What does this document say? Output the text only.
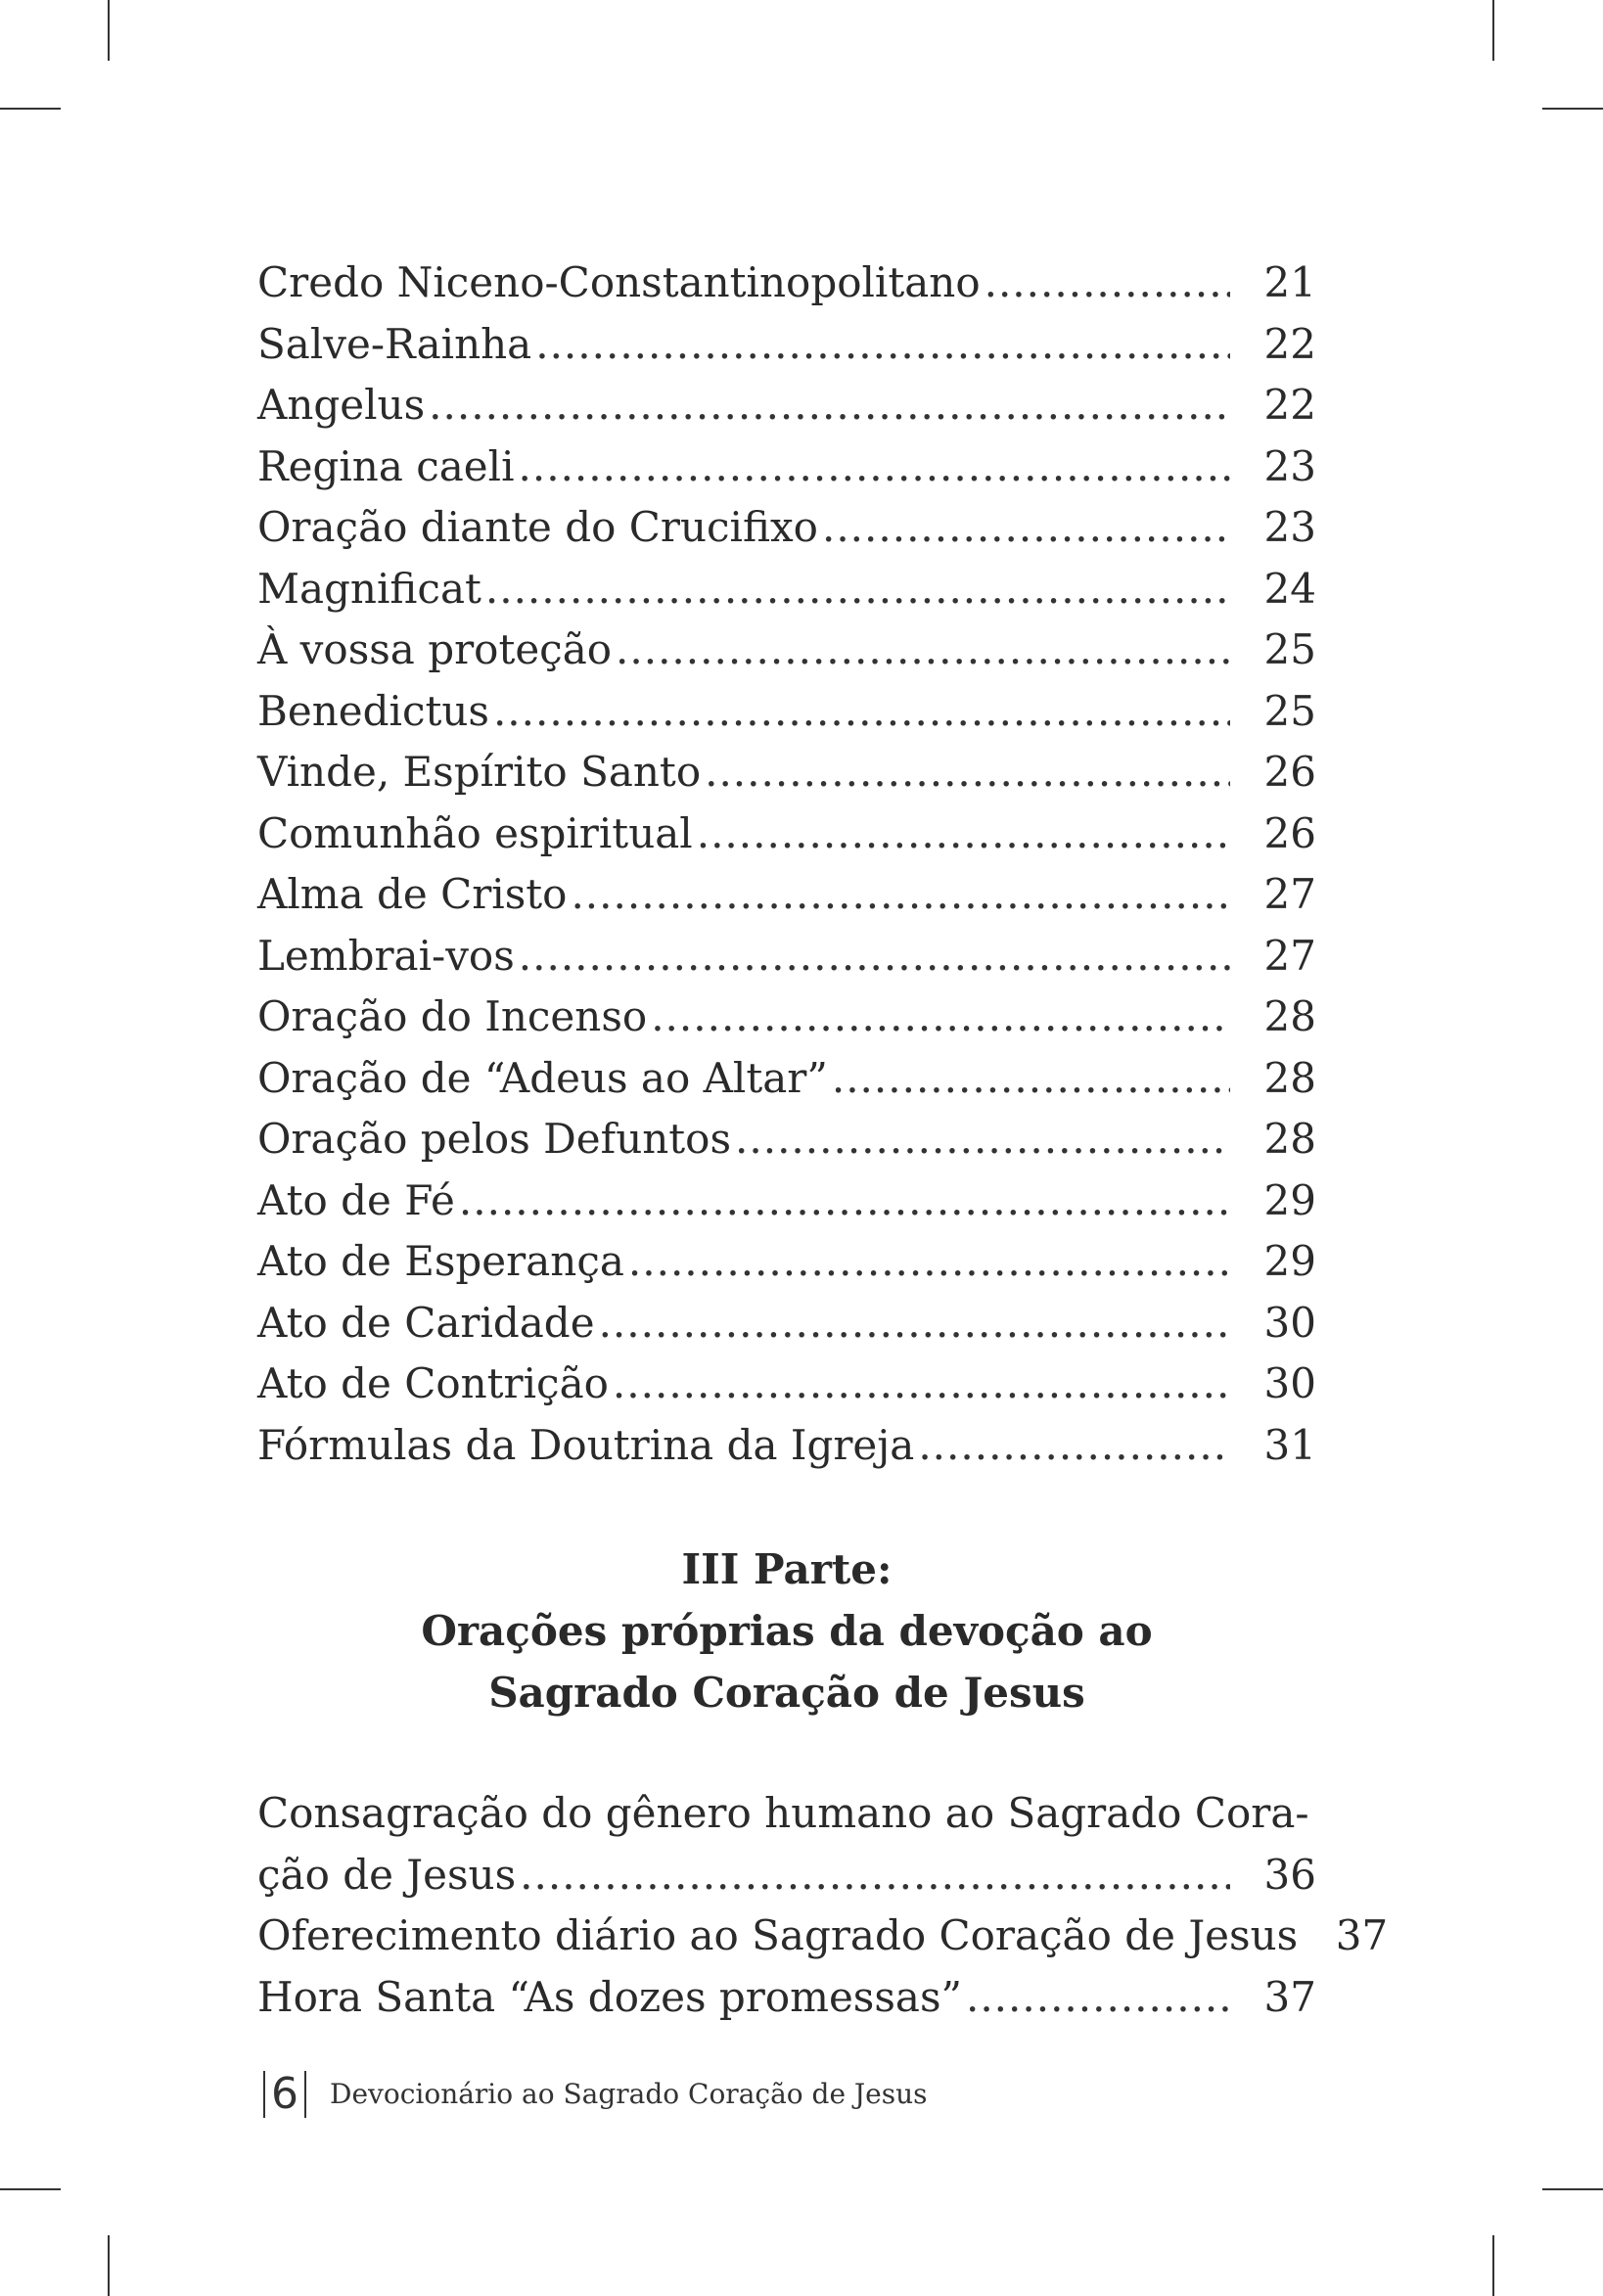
Credo Niceno-Constantinopolitano .....	21
Salve-Rainha .....	22
Angelus .....	22
Regina caeli .....	23
Oração diante do Crucifixo .....	23
Magnificat .....	24
À vossa proteção .....	25
Benedictus .....	25
Vinde, Espírito Santo .....	26
Comunhão espiritual .....	26
Alma de Cristo .....	27
Lembrai-vos .....	27
Oração do Incenso .....	28
Oração de “Adeus ao Altar” .....	28
Oração pelos Defuntos .....	28
Ato de Fé .....	29
Ato de Esperança .....	29
Ato de Caridade .....	30
Ato de Contrição .....	30
Fórmulas da Doutrina da Igreja .....	31
III Parte:
Orações próprias da devoção ao
Sagrado Coração de Jesus
Consagração do gênero humano ao Sagrado Cora-
ção de Jesus .....	36
Oferecimento diário ao Sagrado Coração de Jesus 37
Hora Santa “As dozes promessas” .....	37
6 Devocionário ao Sagrado Coração de Jesus
